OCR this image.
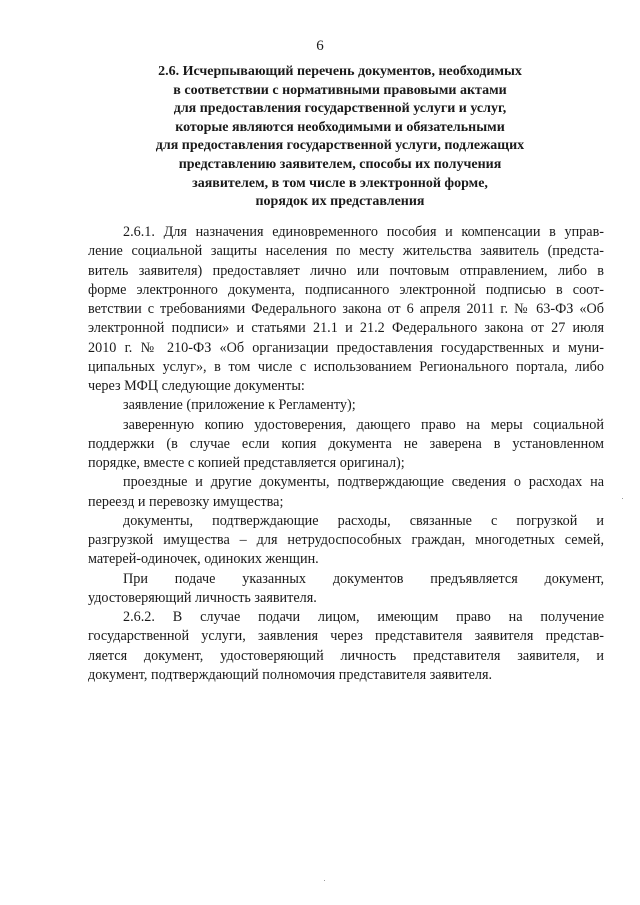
6
2.6. Исчерпывающий перечень документов, необходимых
в соответствии с нормативными правовыми актами
для предоставления государственной услуги и услуг,
которые являются необходимыми и обязательными
для предоставления государственной услуги, подлежащих
представлению заявителем, способы их получения
заявителем, в том числе в электронной форме,
порядок их представления
2.6.1. Для назначения единовременного пособия и компенсации в управ-
ление социальной защиты населения по месту жительства заявитель (предста-
витель заявителя) предоставляет лично или почтовым отправлением, либо в
форме электронного документа, подписанного электронной подписью в соот-
ветствии с требованиями Федерального закона от 6 апреля 2011 г. № 63-ФЗ «Об
электронной подписи» и статьями 21.1 и 21.2 Федерального закона от 27 июля
2010 г. № 210-ФЗ «Об организации предоставления государственных и муни-
ципальных услуг», в том числе с использованием Регионального портала, либо
через МФЦ следующие документы:
заявление (приложение к Регламенту);
заверенную копию удостоверения, дающего право на меры социальной
поддержки (в случае если копия документа не заверена в установленном
порядке, вместе с копией представляется оригинал);
проездные и другие документы, подтверждающие сведения о расходах на
переезд и перевозку имущества;
документы, подтверждающие расходы, связанные с погрузкой и
разгрузкой имущества – для нетрудоспособных граждан, многодетных семей,
матерей-одиночек, одиноких женщин.
При подаче указанных документов предъявляется документ,
удостоверяющий личность заявителя.
2.6.2. В случае подачи лицом, имеющим право на получение
государственной услуги, заявления через представителя заявителя представ-
ляется документ, удостоверяющий личность представителя заявителя, и
документ, подтверждающий полномочия представителя заявителя.
